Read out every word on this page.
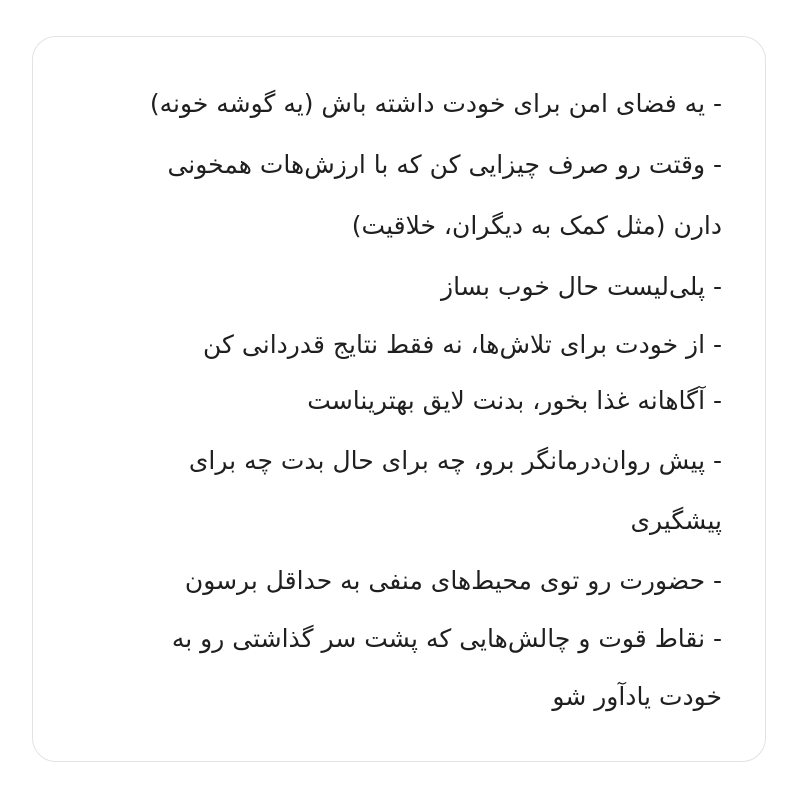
- یه فضای امن برای خودت داشته باش (یه گوشه خونه)
- وقتت رو صرف چیزایی کن که با ارزش‌هات همخونی
دارن (مثل کمک به دیگران، خلاقیت)
- پلی‌لیست حال خوب بساز
- از خودت برای تلاش‌ها، نه فقط نتایج قدردانی کن
- آگاهانه غذا بخور، بدنت لایق بهتریناست
- پیش روان‌درمانگر برو، چه برای حال بدت چه برای
پیشگیری
- حضورت رو توی محیط‌های منفی به حداقل برسون
- نقاط قوت و چالش‌هایی که پشت سر گذاشتی رو به
خودت یادآور شو
